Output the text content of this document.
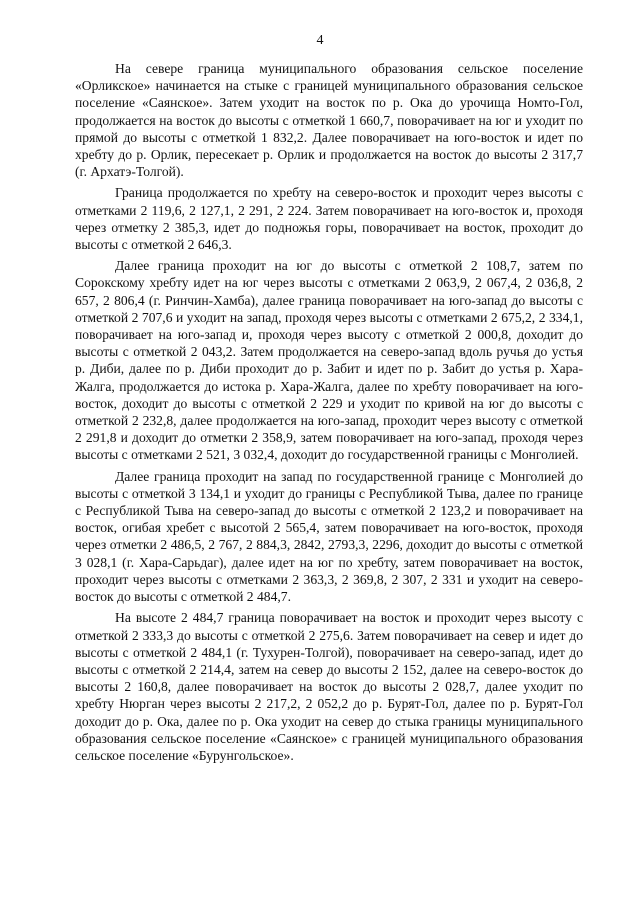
4

На севере граница муниципального образования сельское поселение «Орликское» начинается на стыке с границей муниципального образования сельское поселение «Саянское». Затем уходит на восток по р. Ока до урочища Номто-Гол, продолжается на восток до высоты с отметкой 1 660,7, поворачивает на юг и уходит по прямой до высоты с отметкой 1 832,2. Далее поворачивает на юго-восток и идет по хребту до р. Орлик, пересекает р. Орлик и продолжается на восток до высоты 2 317,7 (г. Архатэ-Толгой).

Граница продолжается по хребту на северо-восток и проходит через высоты с отметками 2 119,6, 2 127,1, 2 291, 2 224. Затем поворачивает на юго-восток и, проходя через отметку 2 385,3, идет до подножья горы, поворачивает на восток, проходит до высоты с отметкой 2 646,3.

Далее граница проходит на юг до высоты с отметкой 2 108,7, затем по Сорокскому хребту идет на юг через высоты с отметками 2 063,9, 2 067,4, 2 036,8, 2 657, 2 806,4 (г. Ринчин-Хамба), далее граница поворачивает на юго-запад до высоты с отметкой 2 707,6 и уходит на запад, проходя через высоты с отметками 2 675,2, 2 334,1, поворачивает на юго-запад и, проходя через высоту с отметкой 2 000,8, доходит до высоты с отметкой 2 043,2. Затем продолжается на северо-запад вдоль ручья до устья р. Диби, далее по р. Диби проходит до р. Забит и идет по р. Забит до устья р. Хара-Жалга, продолжается до истока р. Хара-Жалга, далее по хребту поворачивает на юго-восток, доходит до высоты с отметкой 2 229 и уходит по кривой на юг до высоты с отметкой 2 232,8, далее продолжается на юго-запад, проходит через высоту с отметкой 2 291,8 и доходит до отметки 2 358,9, затем поворачивает на юго-запад, проходя через высоты с отметками 2 521, 3 032,4, доходит до государственной границы с Монголией.

Далее граница проходит на запад по государственной границе с Монголией до высоты с отметкой 3 134,1 и уходит до границы с Республикой Тыва, далее по границе с Республикой Тыва на северо-запад до высоты с отметкой 2 123,2 и поворачивает на восток, огибая хребет с высотой 2 565,4, затем поворачивает на юго-восток, проходя через отметки 2 486,5, 2 767, 2 884,3, 2842, 2793,3, 2296, доходит до высоты с отметкой 3 028,1 (г. Хара-Сарьдаг), далее идет на юг по хребту, затем поворачивает на восток, проходит через высоты с отметками 2 363,3, 2 369,8, 2 307, 2 331 и уходит на северо-восток до высоты с отметкой 2 484,7.

На высоте 2 484,7 граница поворачивает на восток и проходит через высоту с отметкой 2 333,3 до высоты с отметкой 2 275,6. Затем поворачивает на север и идет до высоты с отметкой 2 484,1 (г. Тухурен-Толгой), поворачивает на северо-запад, идет до высоты с отметкой 2 214,4, затем на север до высоты 2 152, далее на северо-восток до высоты 2 160,8, далее поворачивает на восток до высоты 2 028,7, далее уходит по хребту Нюрган через высоты 2 217,2, 2 052,2 до р. Бурят-Гол, далее по р. Бурят-Гол доходит до р. Ока, далее по р. Ока уходит на север до стыка границы муниципального образования сельское поселение «Саянское» с границей муниципального образования сельское поселение «Бурунгольское».
